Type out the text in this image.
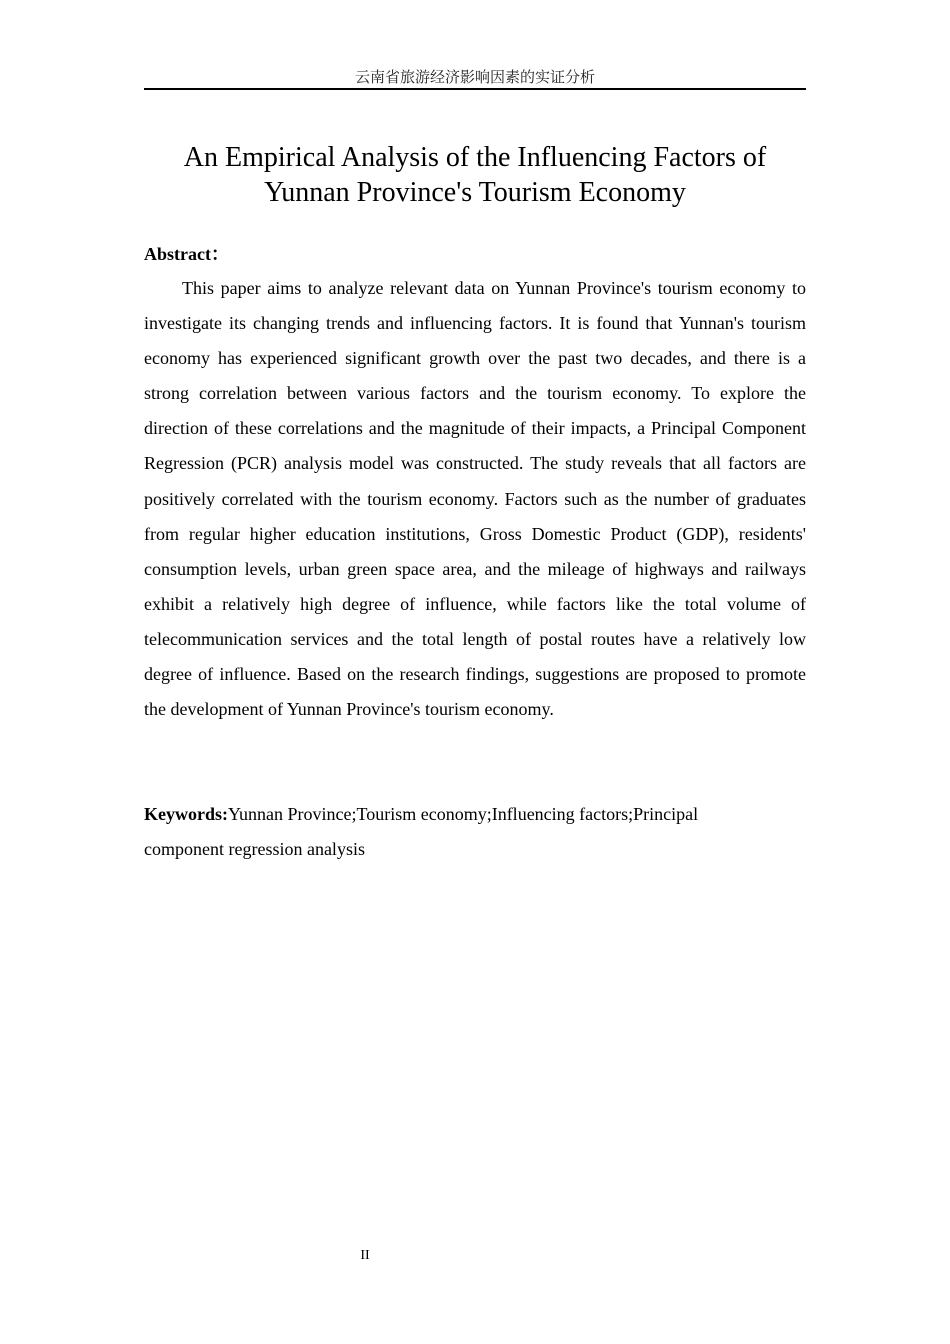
云南省旅游经济影响因素的实证分析
An Empirical Analysis of the Influencing Factors of
Yunnan Province's Tourism Economy
Abstract：

This paper aims to analyze relevant data on Yunnan Province's tourism economy to investigate its changing trends and influencing factors. It is found that Yunnan's tourism economy has experienced significant growth over the past two decades, and there is a strong correlation between various factors and the tourism economy. To explore the direction of these correlations and the magnitude of their impacts, a Principal Component Regression (PCR) analysis model was constructed. The study reveals that all factors are positively correlated with the tourism economy. Factors such as the number of graduates from regular higher education institutions, Gross Domestic Product (GDP), residents' consumption levels, urban green space area, and the mileage of highways and railways exhibit a relatively high degree of influence, while factors like the total volume of telecommunication services and the total length of postal routes have a relatively low degree of influence. Based on the research findings, suggestions are proposed to promote the development of Yunnan Province's tourism economy.

Keywords:Yunnan Province;Tourism economy;Influencing factors;Principal
component regression analysis

II
